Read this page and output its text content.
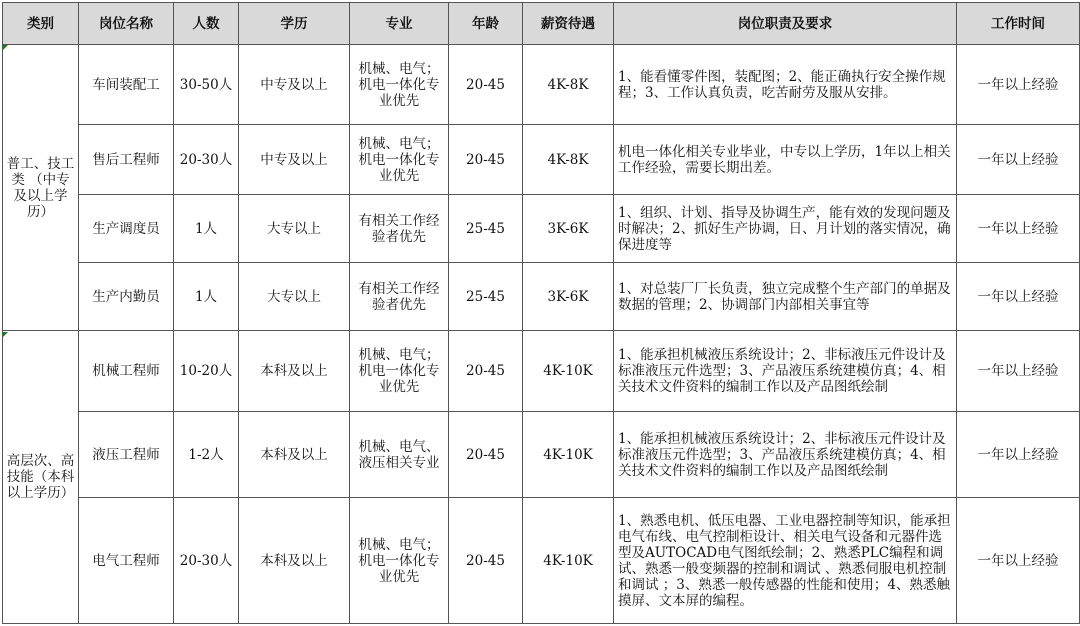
类别	岗位名称	人数	学历	专业	年龄	薪资待遇	岗位职责及要求	工作时间
普工、技工类 （中专及以上学历）	车间装配工	30-50人	中专及以上	机械、电气；机电一体化专业优先	20-45	4K-8K	1、能看懂零件图，装配图；2、能正确执行安全操作规程；3、工作认真负责，吃苦耐劳及服从安排。	一年以上经验
	售后工程师	20-30人	中专及以上	机械、电气；机电一体化专业优先	20-45	4K-8K	机电一体化相关专业毕业，中专以上学历，1年以上相关工作经验，需要长期出差。	一年以上经验
	生产调度员	1人	大专以上	有相关工作经验者优先	25-45	3K-6K	1、组织、计划、指导及协调生产，能有效的发现问题及时解决；2、抓好生产协调，日、月计划的落实情况，确保进度等	一年以上经验
	生产内勤员	1人	大专以上	有相关工作经验者优先	25-45	3K-6K	1、对总装厂厂长负责，独立完成整个生产部门的单据及数据的管理；2、协调部门内部相关事宜等	一年以上经验
高层次、高技能（本科以上学历）	机械工程师	10-20人	本科及以上	机械、电气；机电一体化专业优先	20-45	4K-10K	1、能承担机械液压系统设计；2、非标液压元件设计及标准液压元件选型；3、产品液压系统建模仿真；4、相关技术文件资料的编制工作以及产品图纸绘制	一年以上经验
	液压工程师	1-2人	本科及以上	机械、电气、液压相关专业	20-45	4K-10K	1、能承担机械液压系统设计；2、非标液压元件设计及标准液压元件选型；3、产品液压系统建模仿真；4、相关技术文件资料的编制工作以及产品图纸绘制	一年以上经验
	电气工程师	20-30人	本科及以上	机械、电气；机电一体化专业优先	20-45	4K-10K	1、熟悉电机、低压电器、工业电器控制等知识，能承担电气布线、电气控制柜设计、相关电气设备和元器件选型及AUTOCAD电气图纸绘制；2、熟悉PLC编程和调试、熟悉一般变频器的控制和调试 、熟悉伺服电机控制和调试 ；3、熟悉一般传感器的性能和使用；4、熟悉触摸屏、文本屏的编程。	一年以上经验
